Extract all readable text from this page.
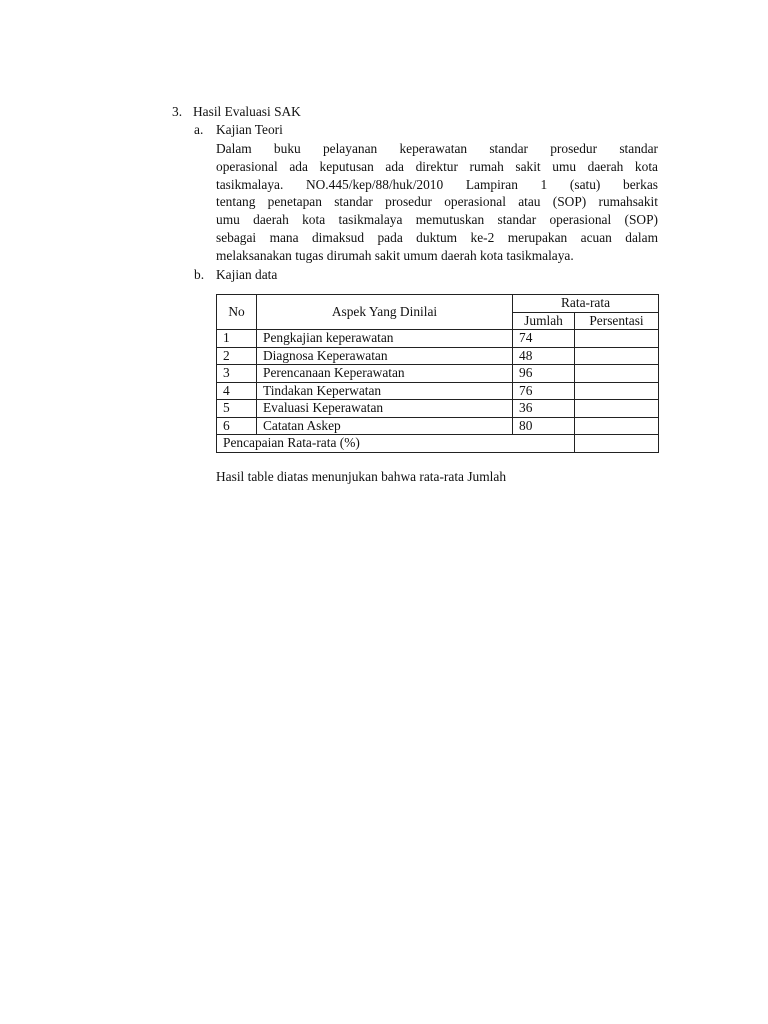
3. Hasil Evaluasi SAK
a. Kajian Teori
Dalam buku pelayanan keperawatan standar prosedur standar
operasional ada keputusan ada direktur rumah sakit umu daerah kota
tasikmalaya. NO.445/kep/88/huk/2010 Lampiran 1 (satu) berkas
tentang penetapan standar prosedur operasional atau (SOP) rumahsakit
umu daerah kota tasikmalaya memutuskan standar operasional (SOP)
sebagai mana dimaksud pada duktum ke-2 merupakan acuan dalam
melaksanakan tugas dirumah sakit umum daerah kota tasikmalaya.
b. Kajian data
No	Aspek Yang Dinilai	Rata-rata	
		Jumlah	Persentasi
1	Pengkajian keperawatan	74	
2	Diagnosa Keperawatan	48	
3	Perencanaan Keperawatan	96	
4	Tindakan Keperwatan	76	
5	Evaluasi Keperawatan	36	
6	Catatan Askep	80	
Pencapaian Rata-rata (%)			
Hasil table diatas menunjukan bahwa rata-rata Jumlah
